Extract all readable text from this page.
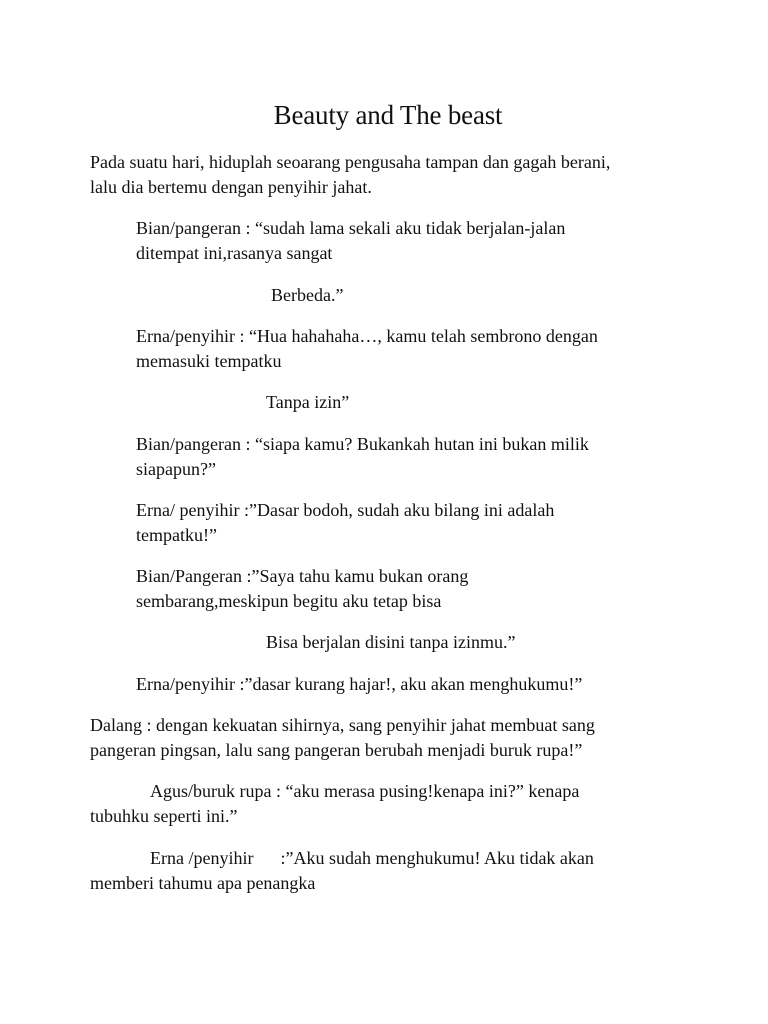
Beauty and The beast
Pada suatu hari, hiduplah seoarang pengusaha tampan dan gagah berani,
lalu dia bertemu dengan penyihir jahat.
Bian/pangeran : “sudah lama sekali aku tidak berjalan-jalan
ditempat ini,rasanya sangat
Berbeda.”
Erna/penyihir : “Hua hahahaha…, kamu telah sembrono dengan
memasuki tempatku
Tanpa izin”
Bian/pangeran : “siapa kamu? Bukankah hutan ini bukan milik
siapapun?”
Erna/ penyihir :”Dasar bodoh, sudah aku bilang ini adalah
tempatku!”
Bian/Pangeran :”Saya tahu kamu bukan orang
sembarang,meskipun begitu aku tetap bisa
Bisa berjalan disini tanpa izinmu.”
Erna/penyihir :”dasar kurang hajar!, aku akan menghukumu!”
Dalang : dengan kekuatan sihirnya, sang penyihir jahat membuat sang
pangeran pingsan, lalu sang pangeran berubah menjadi buruk rupa!”
Agus/buruk rupa : “aku merasa pusing!kenapa ini?” kenapa
tubuhku seperti ini.”
Erna /penyihir      :”Aku sudah menghukumu! Aku tidak akan
memberi tahumu apa penangka
